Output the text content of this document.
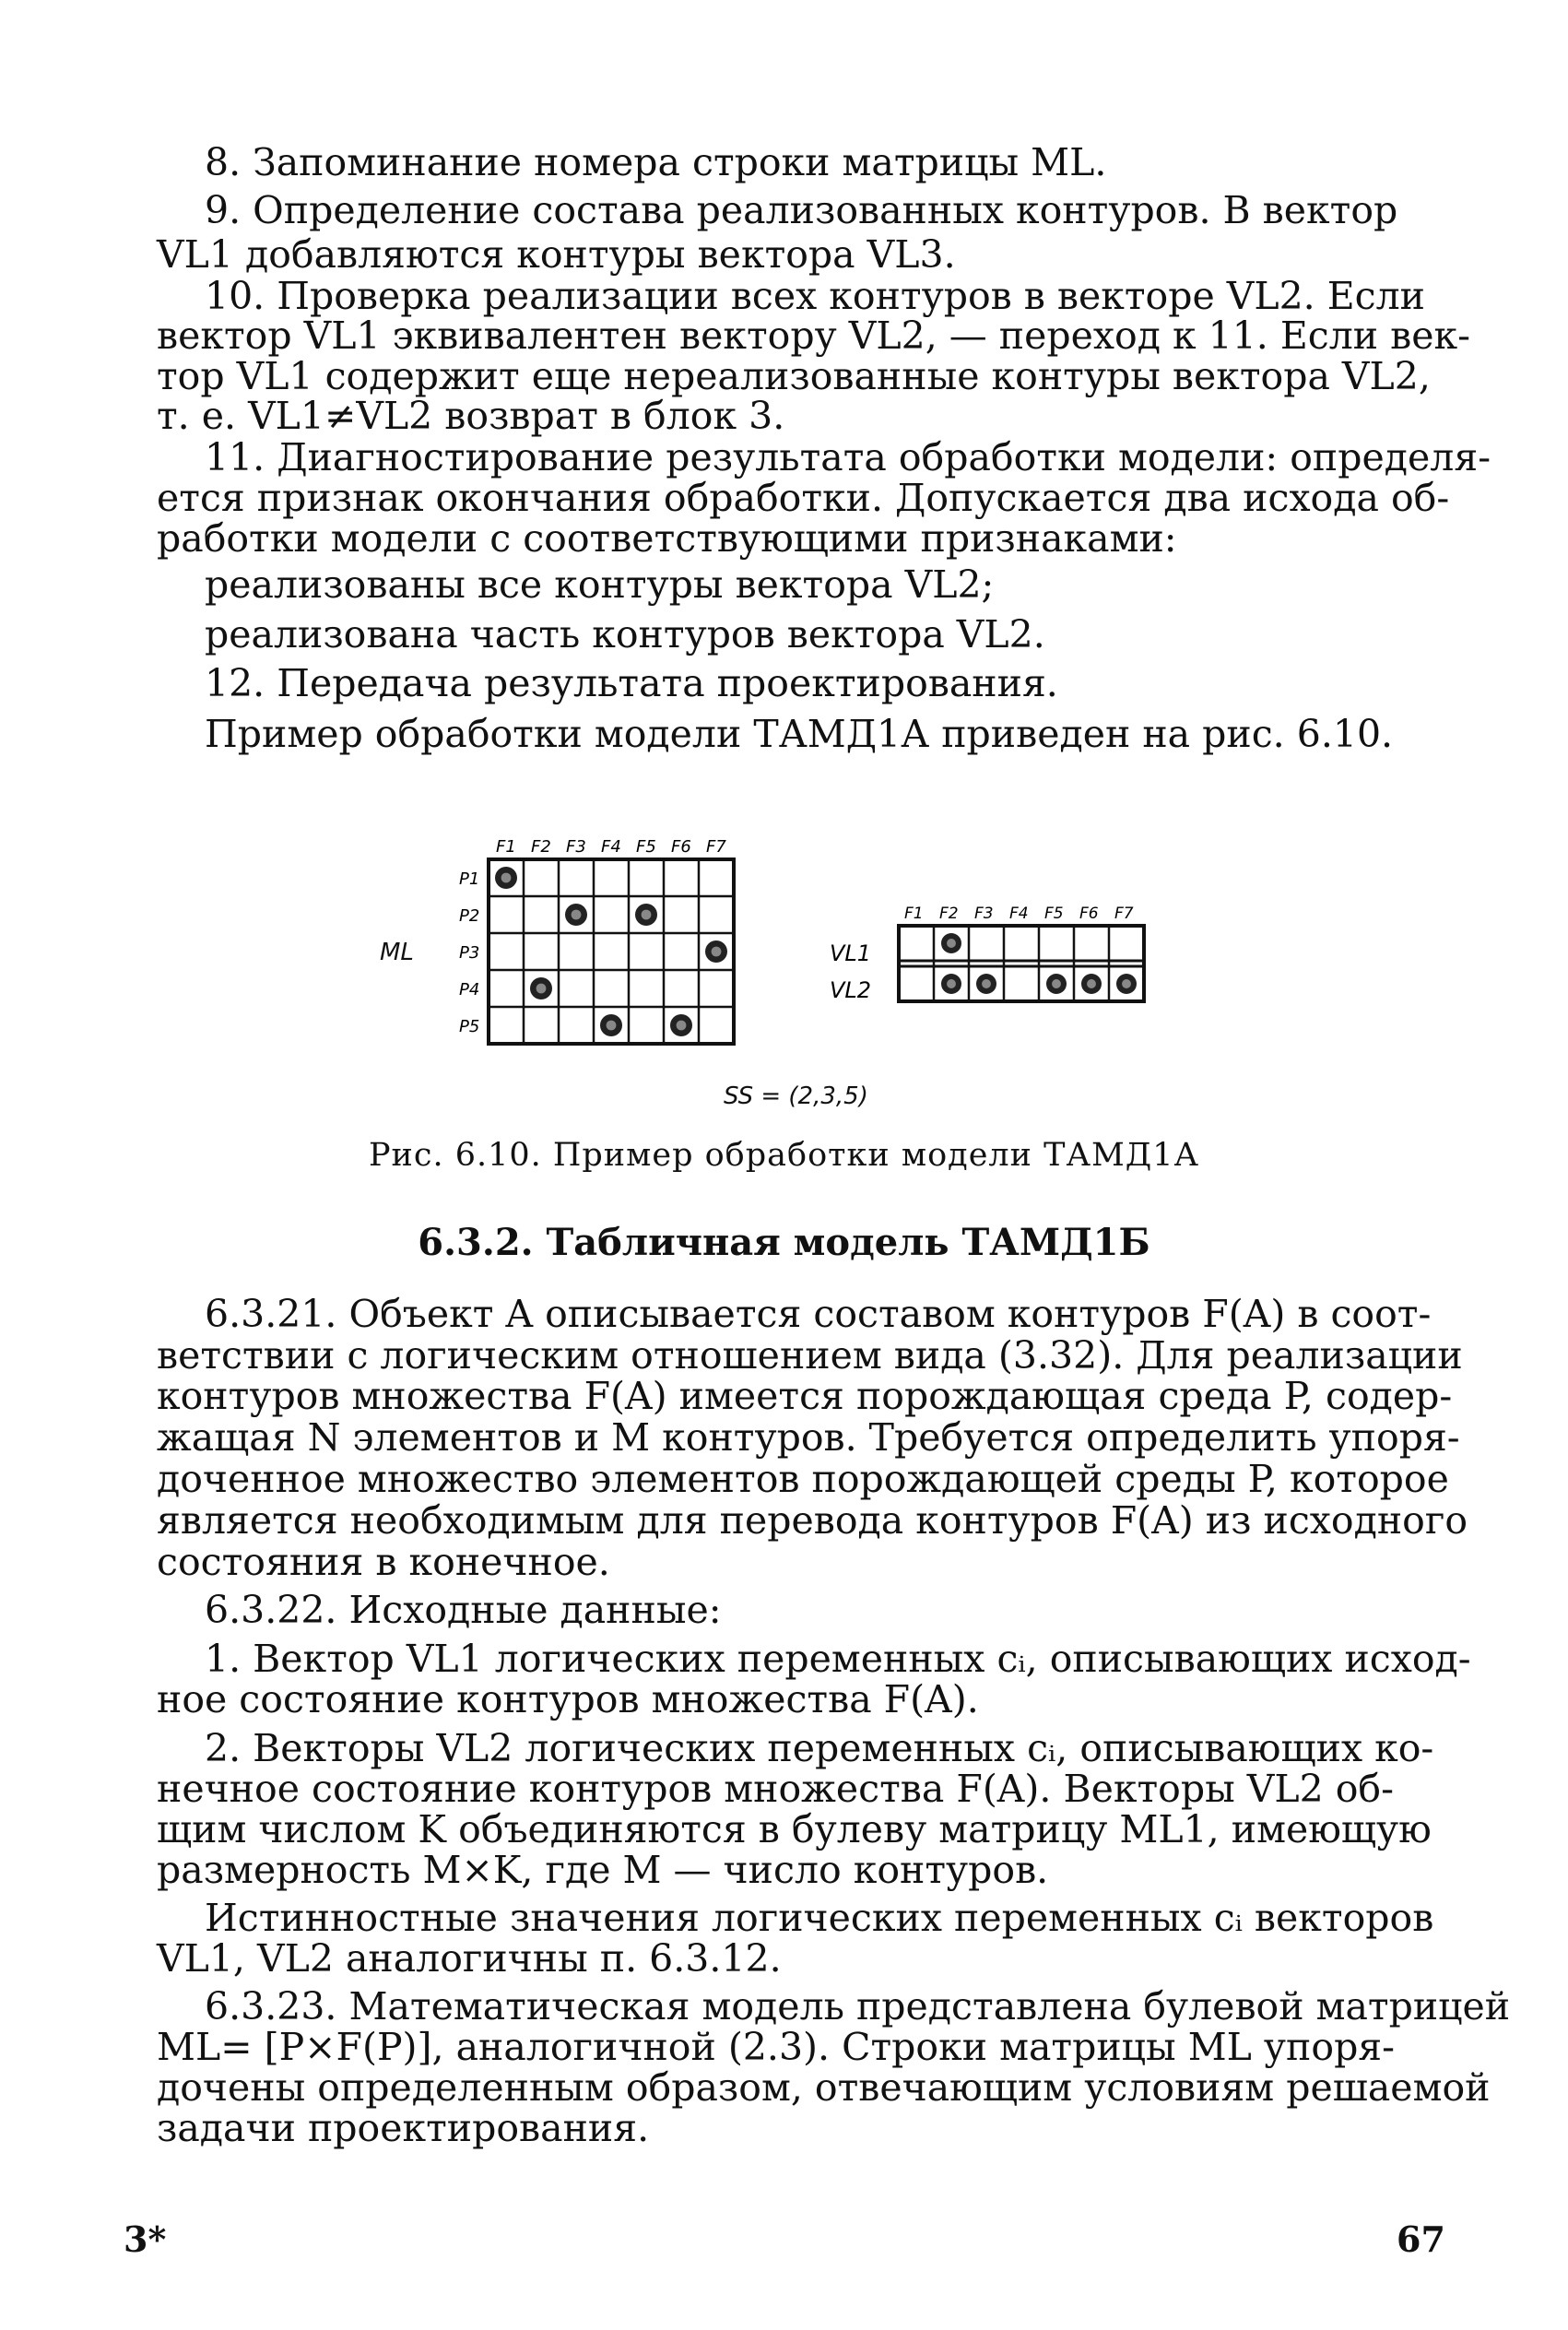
8. Запоминание номера строки матрицы ML.
9. Определение состава реализованных контуров. В вектор
VL1 добавляются контуры вектора VL3.
10. Проверка реализации всех контуров в векторе VL2. Если
вектор VL1 эквивалентен вектору VL2, — переход к 11. Если век-
тор VL1 содержит еще нереализованные контуры вектора VL2,
т. е. VL1≠VL2 возврат в блок 3.
11. Диагностирование результата обработки модели: определя-
ется признак окончания обработки. Допускается два исхода об-
работки модели с соответствующими признаками:
реализованы все контуры вектора VL2;
реализована часть контуров вектора VL2.
12. Передача результата проектирования.
Пример обработки модели ТАМД1А приведен на рис. 6.10.
F1 F2 F3 F4 F5 F6 F7
P1
P2
P3
P4
P5
F1 F2 F3 F4 F5 F6 F7
VL1
VL2
ML
SS = (2,3,5)
Рис. 6.10. Пример обработки модели ТАМД1А
6.3.2. Табличная модель ТАМД1Б
6.3.21. Объект A описывается составом контуров F(A) в соот-
ветствии с логическим отношением вида (3.32). Для реализации
контуров множества F(A) имеется порождающая среда P, содер-
жащая N элементов и M контуров. Требуется определить упоря-
доченное множество элементов порождающей среды P, которое
является необходимым для перевода контуров F(A) из исходного
состояния в конечное.
6.3.22. Исходные данные:
1. Вектор VL1 логических переменных cᵢ, описывающих исход-
ное состояние контуров множества F(A).
2. Векторы VL2 логических переменных cᵢ, описывающих ко-
нечное состояние контуров множества F(A). Векторы VL2 об-
щим числом K объединяются в булеву матрицу ML1, имеющую
размерность M×K, где M — число контуров.
Истинностные значения логических переменных cᵢ векторов
VL1, VL2 аналогичны п. 6.3.12.
6.3.23. Математическая модель представлена булевой матрицей
ML= [P×F(P)], аналогичной (2.3). Строки матрицы ML упоря-
дочены определенным образом, отвечающим условиям решаемой
задачи проектирования.
3*	67
